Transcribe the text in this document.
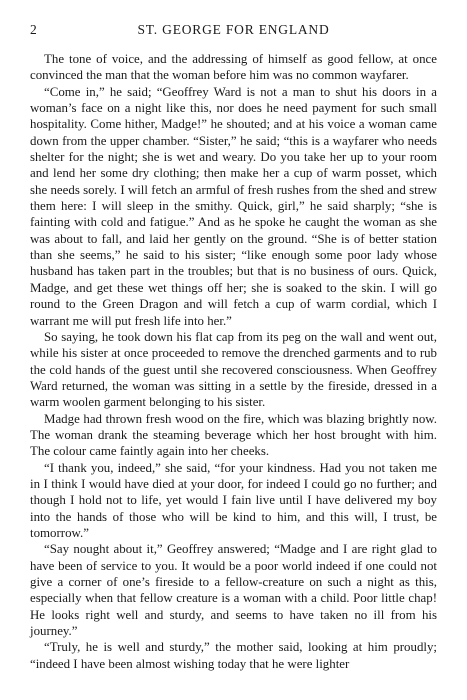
2	ST. GEORGE FOR ENGLAND

The tone of voice, and the addressing of himself as good fellow, at once convinced the man that the woman before him was no common wayfarer.

“Come in,” he said; “Geoffrey Ward is not a man to shut his doors in a woman’s face on a night like this, nor does he need payment for such small hospitality. Come hither, Madge!” he shouted; and at his voice a woman came down from the upper chamber. “Sister,” he said; “this is a wayfarer who needs shelter for the night; she is wet and weary. Do you take her up to your room and lend her some dry clothing; then make her a cup of warm posset, which she needs sorely. I will fetch an armful of fresh rushes from the shed and strew them here: I will sleep in the smithy. Quick, girl,” he said sharply; “she is fainting with cold and fatigue.” And as he spoke he caught the woman as she was about to fall, and laid her gently on the ground. “She is of better station than she seems,” he said to his sister; “like enough some poor lady whose husband has taken part in the troubles; but that is no business of ours. Quick, Madge, and get these wet things off her; she is soaked to the skin. I will go round to the Green Dragon and will fetch a cup of warm cordial, which I warrant me will put fresh life into her.”

So saying, he took down his flat cap from its peg on the wall and went out, while his sister at once proceeded to remove the drenched garments and to rub the cold hands of the guest until she recovered consciousness. When Geoffrey Ward returned, the woman was sitting in a settle by the fireside, dressed in a warm woolen garment belonging to his sister.

Madge had thrown fresh wood on the fire, which was blazing brightly now. The woman drank the steaming beverage which her host brought with him. The colour came faintly again into her cheeks.

“I thank you, indeed,” she said, “for your kindness. Had you not taken me in I think I would have died at your door, for indeed I could go no further; and though I hold not to life, yet would I fain live until I have delivered my boy into the hands of those who will be kind to him, and this will, I trust, be tomorrow.”

“Say nought about it,” Geoffrey answered; “Madge and I are right glad to have been of service to you. It would be a poor world indeed if one could not give a corner of one’s fireside to a fellow-creature on such a night as this, especially when that fellow creature is a woman with a child. Poor little chap! He looks right well and sturdy, and seems to have taken no ill from his journey.”

“Truly, he is well and sturdy,” the mother said, looking at him proudly; “indeed I have been almost wishing today that he were lighter
